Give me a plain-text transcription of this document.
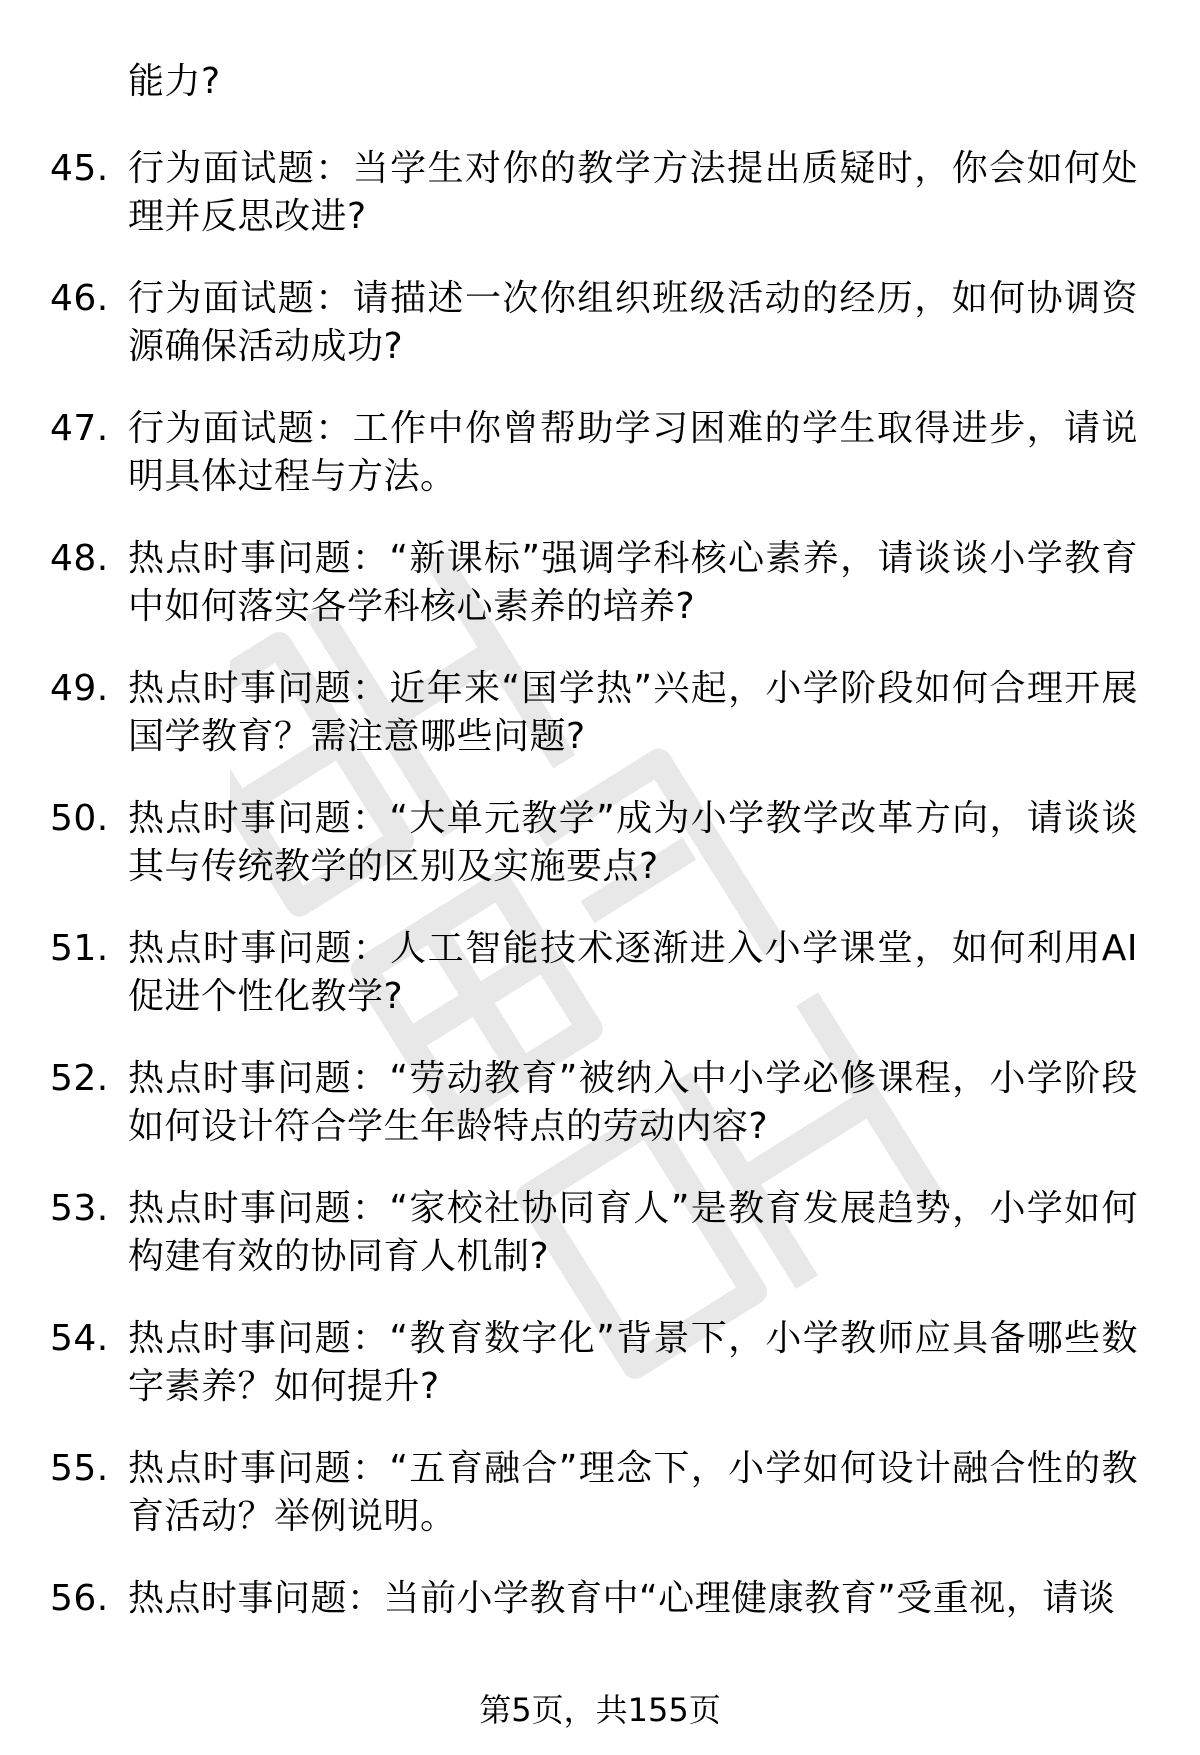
能力?

45. 行为面试题：当学生对你的教学方法提出质疑时，你会如何处理并反思改进?
46. 行为面试题：请描述一次你组织班级活动的经历，如何协调资源确保活动成功?
47. 行为面试题：工作中你曾帮助学习困难的学生取得进步，请说明具体过程与方法。
48. 热点时事问题：“新课标”强调学科核心素养，请谈谈小学教育中如何落实各学科核心素养的培养?
49. 热点时事问题：近年来“国学热”兴起，小学阶段如何合理开展国学教育？需注意哪些问题?
50. 热点时事问题：“大单元教学”成为小学教学改革方向，请谈谈其与传统教学的区别及实施要点?
51. 热点时事问题：人工智能技术逐渐进入小学课堂，如何利用AI促进个性化教学?
52. 热点时事问题：“劳动教育”被纳入中小学必修课程，小学阶段如何设计符合学生年龄特点的劳动内容?
53. 热点时事问题：“家校社协同育人”是教育发展趋势，小学如何构建有效的协同育人机制?
54. 热点时事问题：“教育数字化”背景下，小学教师应具备哪些数字素养？如何提升?
55. 热点时事问题：“五育融合”理念下，小学如何设计融合性的教育活动？举例说明。
56. 热点时事问题：当前小学教育中“心理健康教育”受重视，请谈
第5页，共155页
